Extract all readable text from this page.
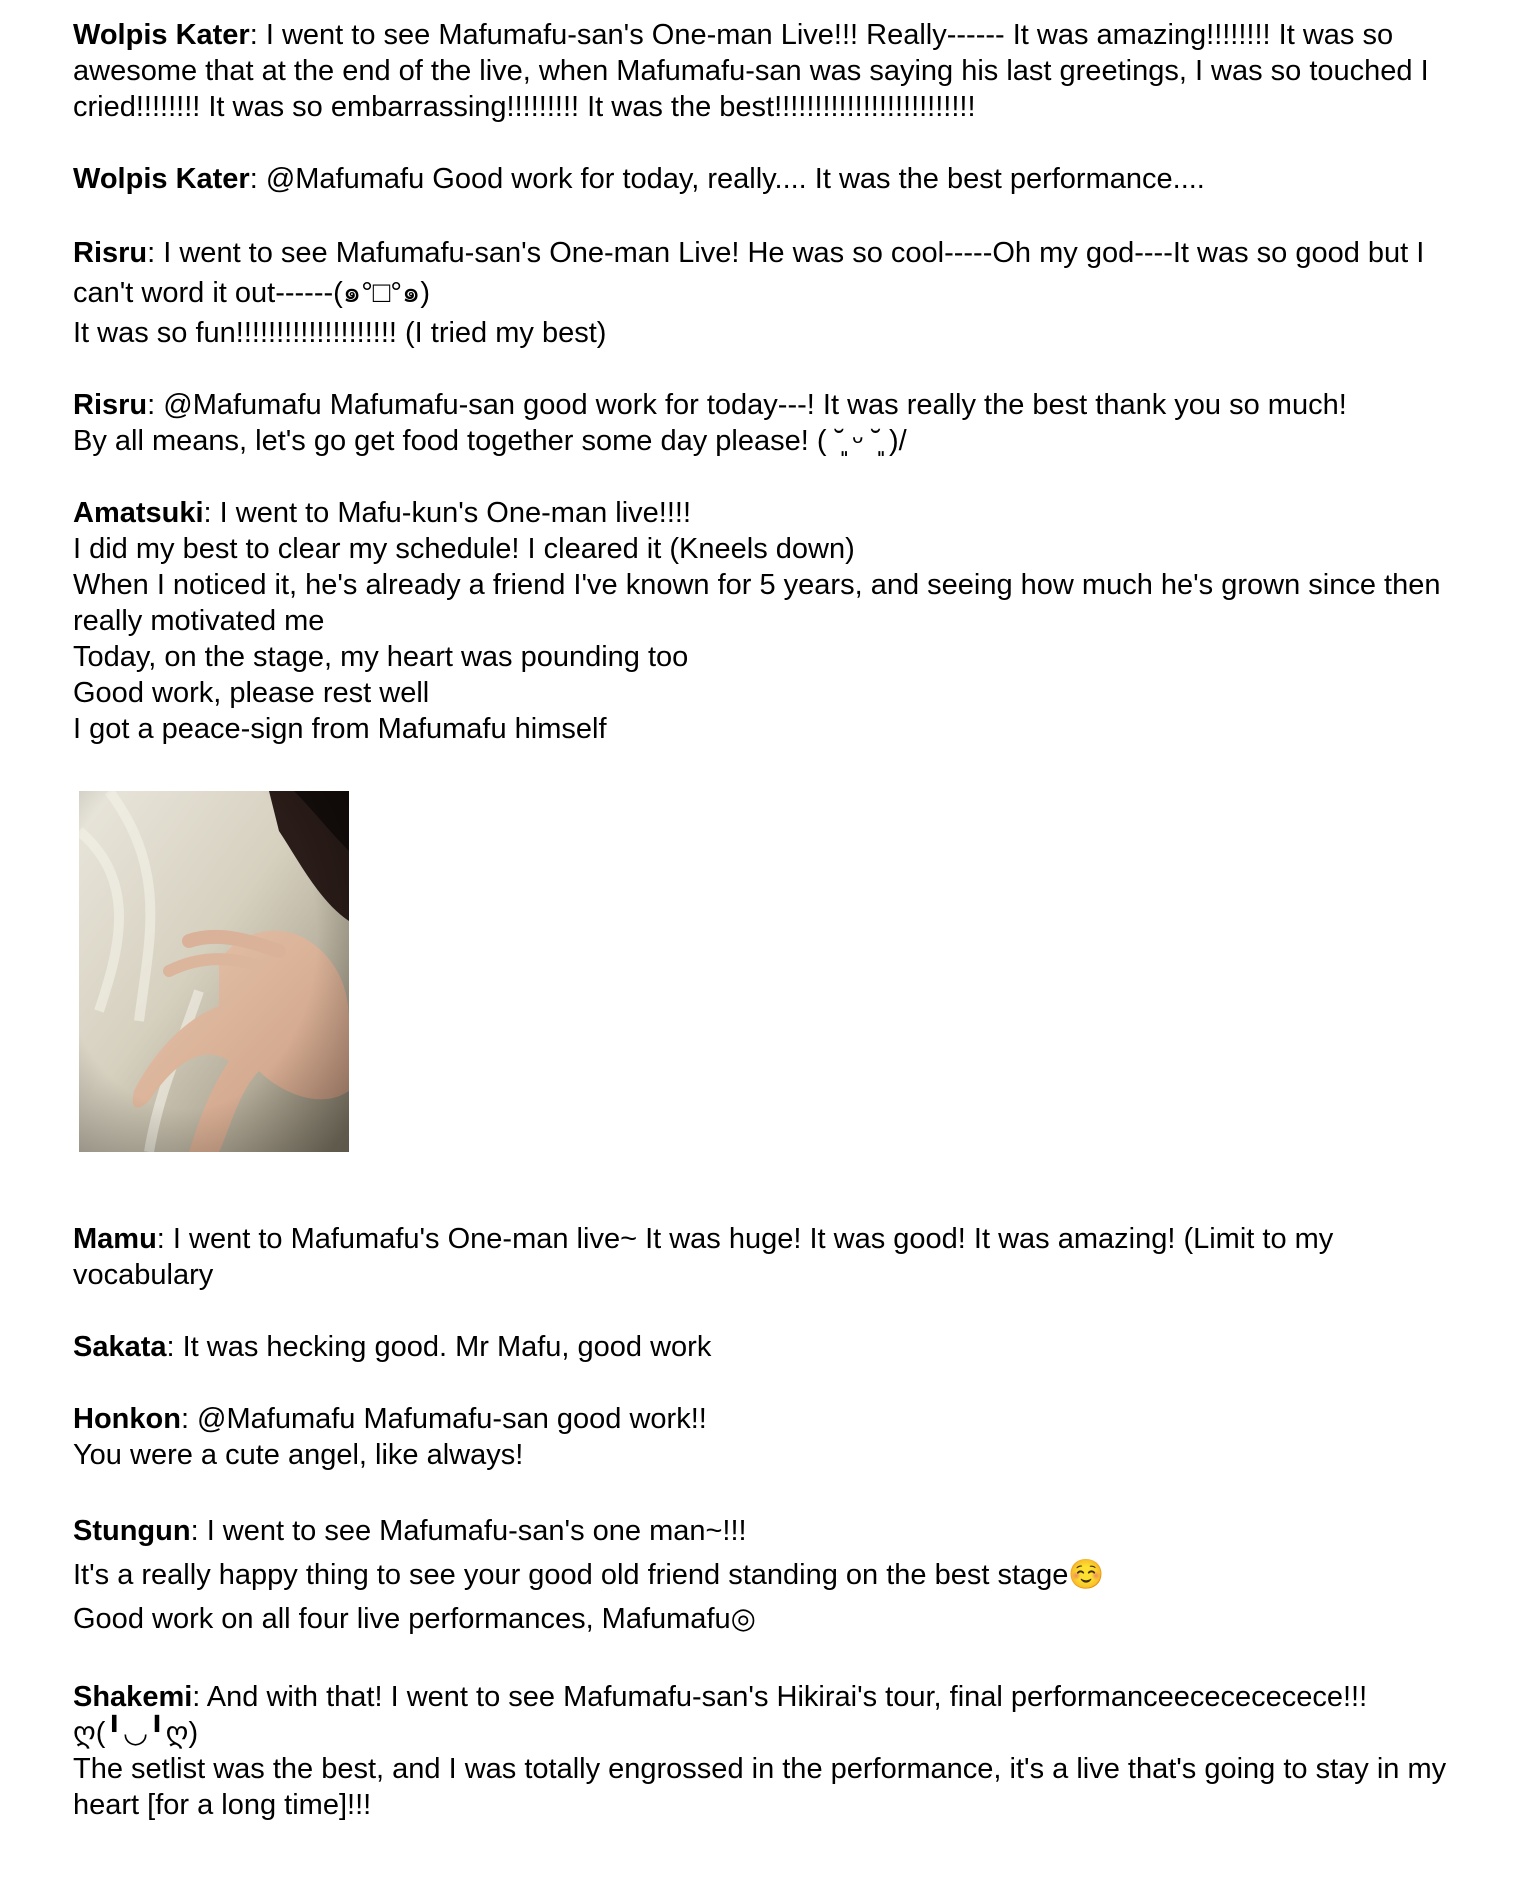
Wolpis Kater: I went to see Mafumafu-san's One-man Live!!! Really------ It was amazing!!!!!!!! It was so awesome that at the end of the live, when Mafumafu-san was saying his last greetings, I was so touched I cried!!!!!!!! It was so embarrassing!!!!!!!!! It was the best!!!!!!!!!!!!!!!!!!!!!!!!!
Wolpis Kater: @Mafumafu Good work for today, really.... It was the best performance....
Risru: I went to see Mafumafu-san's One-man Live! He was so cool-----Oh my god----It was so good but I can't word it out------(๑°□°๑)
It was so fun!!!!!!!!!!!!!!!!!!!! (I tried my best)
Risru: @Mafumafu Mafumafu-san good work for today---! It was really the best thank you so much!
By all means, let's go get food together some day please! ( ˘͈ ᵕ ˘͈ )/
Amatsuki: I went to Mafu-kun's One-man live!!!!
I did my best to clear my schedule! I cleared it (Kneels down)
When I noticed it, he's already a friend I've known for 5 years, and seeing how much he's grown since then really motivated me
Today, on the stage, my heart was pounding too
Good work, please rest well
I got a peace-sign from Mafumafu himself
Mamu: I went to Mafumafu's One-man live~ It was huge! It was good! It was amazing! (Limit to my vocabulary
Sakata: It was hecking good. Mr Mafu, good work
Honkon: @Mafumafu Mafumafu-san good work!!
You were a cute angel, like always!
Stungun: I went to see Mafumafu-san's one man~!!!
It's a really happy thing to see your good old friend standing on the best stage☺️
Good work on all four live performances, Mafumafu◎
Shakemi: And with that! I went to see Mafumafu-san's Hikirai's tour, final performanceececececece!!! ღ(╹◡╹ღ)
The setlist was the best, and I was totally engrossed in the performance, it's a live that's going to stay in my heart [for a long time]!!!
